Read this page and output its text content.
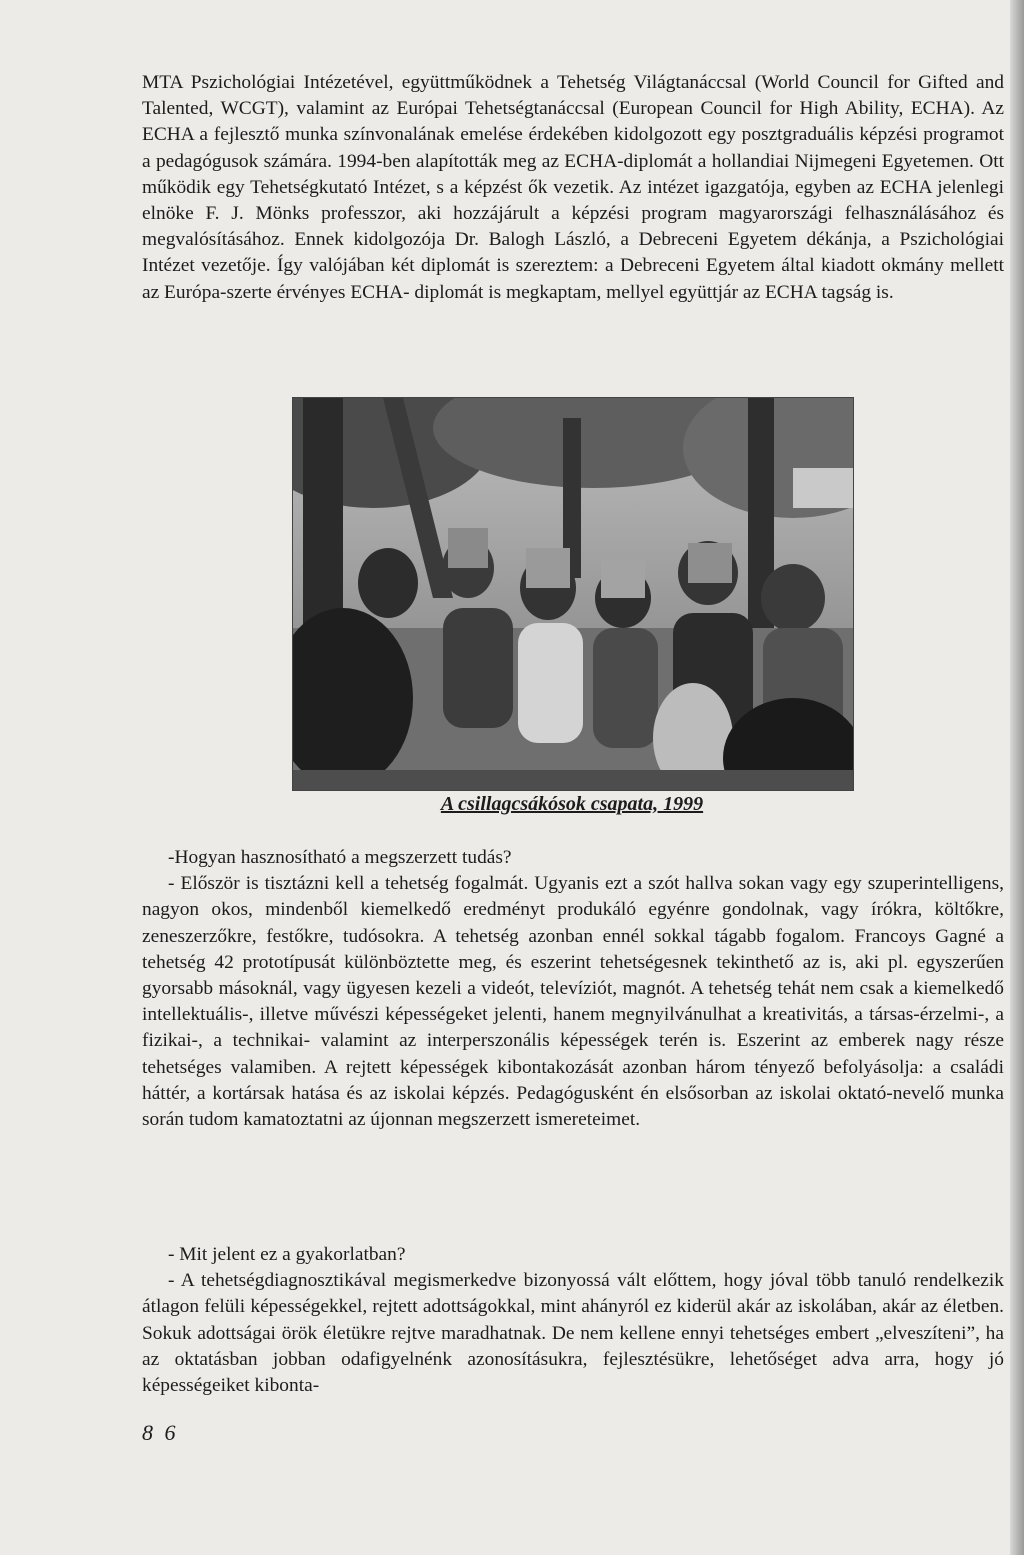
MTA Pszichológiai Intézetével, együttműködnek a Tehetség Világtanáccsal (World Council for Gifted and Talented, WCGT), valamint az Európai Tehetségtanáccsal (European Council for High Ability, ECHA). Az ECHA a fejlesztő munka színvonalának emelése érdekében kidolgozott egy posztgraduális képzési programot a pedagógusok számára. 1994-ben alapították meg az ECHA-diplomát a hollandiai Nijmegeni Egyetemen. Ott működik egy Tehetségkutató Intézet, s a képzést ők vezetik. Az intézet igazgatója, egyben az ECHA jelenlegi elnöke F. J. Mönks professzor, aki hozzájárult a képzési program magyarországi felhasználásához és megvalósításához. Ennek kidolgozója Dr. Balogh László, a Debreceni Egyetem dékánja, a Pszichológiai Intézet vezetője. Így valójában két diplomát is szereztem: a Debreceni Egyetem által kiadott okmány mellett az Európa-szerte érvényes ECHA- diplomát is megkaptam, mellyel együttjár az ECHA tagság is.

A csillagcsákósok csapata, 1999

-Hogyan hasznosítható a megszerzett tudás?

- Először is tisztázni kell a tehetség fogalmát. Ugyanis ezt a szót hallva sokan vagy egy szuperintelligens, nagyon okos, mindenből kiemelkedő eredményt produkáló egyénre gondolnak, vagy írókra, költőkre, zeneszerzőkre, festőkre, tudósokra. A tehetség azonban ennél sokkal tágabb fogalom. Francoys Gagné a tehetség 42 prototípusát különböztette meg, és eszerint tehetségesnek tekinthető az is, aki pl. egyszerűen gyorsabb másoknál, vagy ügyesen kezeli a videót, televíziót, magnót. A tehetség tehát nem csak a kiemelkedő intellektuális-, illetve művészi képességeket jelenti, hanem megnyilvánulhat a kreativitás, a társas-érzelmi-, a fizikai-, a technikai- valamint az interperszonális képességek terén is. Eszerint az emberek nagy része tehetséges valamiben. A rejtett képességek kibontakozását azonban három tényező befolyásolja: a családi háttér, a kortársak hatása és az iskolai képzés. Pedagógusként én elsősorban az iskolai oktató-nevelő munka során tudom kamatoztatni az újonnan megszerzett ismereteimet.

- Mit jelent ez a gyakorlatban?

- A tehetségdiagnosztikával megismerkedve bizonyossá vált előttem, hogy jóval több tanuló rendelkezik átlagon felüli képességekkel, rejtett adottságokkal, mint ahányról ez kiderül akár az iskolában, akár az életben. Sokuk adottságai örök életükre rejtve maradhatnak. De nem kellene ennyi tehetséges embert „elveszíteni”, ha az oktatásban jobban odafigyelnénk azonosításukra, fejlesztésükre, lehetőséget adva arra, hogy jó képességeiket kibonta-

8 6
